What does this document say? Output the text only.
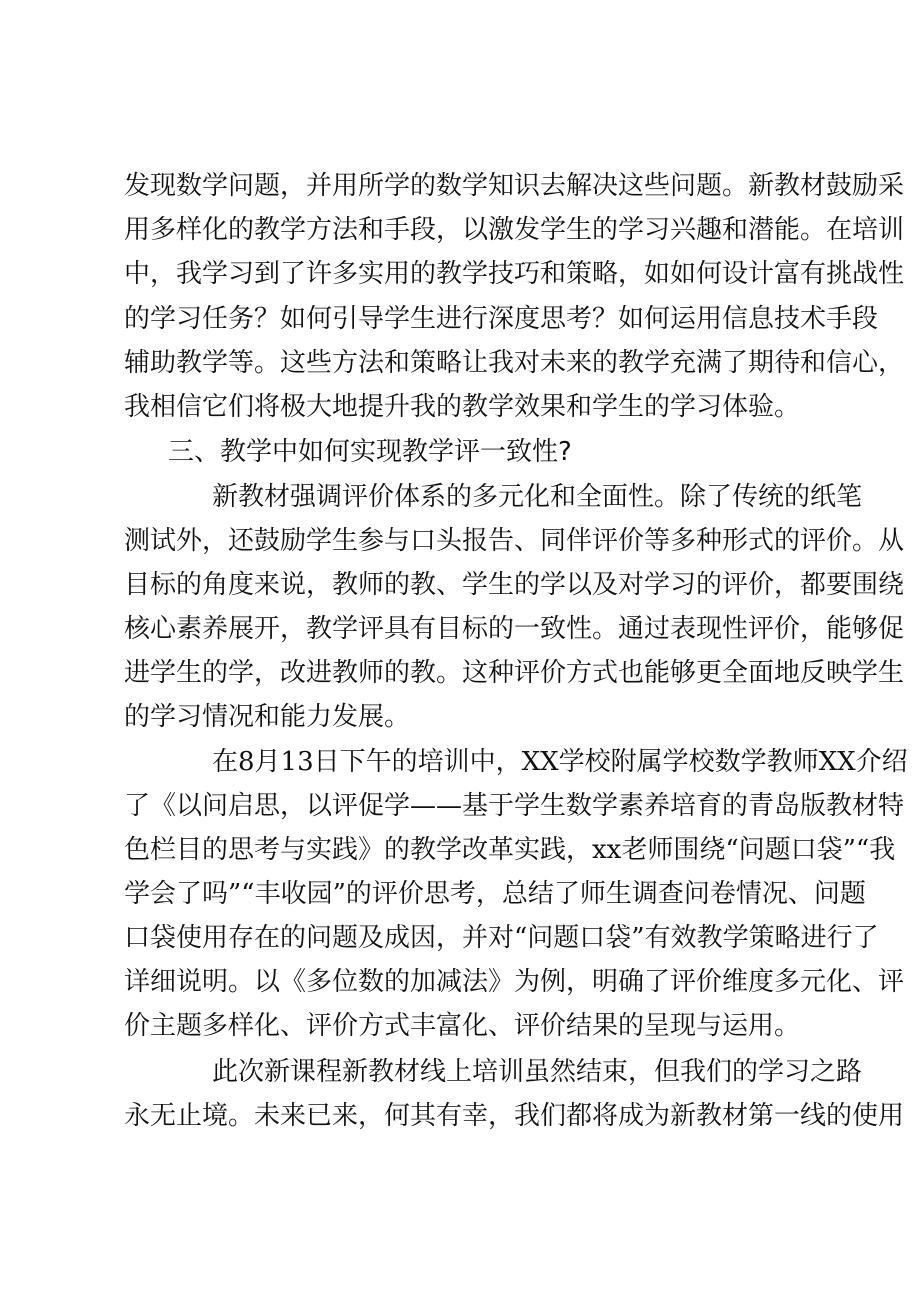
发现数学问题，并用所学的数学知识去解决这些问题。新教材鼓励采
用多样化的教学方法和手段，以激发学生的学习兴趣和潜能。在培训
中，我学习到了许多实用的教学技巧和策略，如如何设计富有挑战性
的学习任务？如何引导学生进行深度思考？如何运用信息技术手段
辅助教学等。这些方法和策略让我对未来的教学充满了期待和信心，
我相信它们将极大地提升我的教学效果和学生的学习体验。
三、教学中如何实现教学评一致性?
新教材强调评价体系的多元化和全面性。除了传统的纸笔
测试外，还鼓励学生参与口头报告、同伴评价等多种形式的评价。从
目标的角度来说，教师的教、学生的学以及对学习的评价，都要围绕
核心素养展开，教学评具有目标的一致性。通过表现性评价，能够促
进学生的学，改进教师的教。这种评价方式也能够更全面地反映学生
的学习情况和能力发展。
在8月13日下午的培训中，XX学校附属学校数学教师XX介绍
了《以问启思，以评促学——基于学生数学素养培育的青岛版教材特
色栏目的思考与实践》的教学改革实践，xx老师围绕“问题口袋”“我
学会了吗”“丰收园”的评价思考，总结了师生调查问卷情况、问题
口袋使用存在的问题及成因，并对“问题口袋”有效教学策略进行了
详细说明。以《多位数的加减法》为例，明确了评价维度多元化、评
价主题多样化、评价方式丰富化、评价结果的呈现与运用。
此次新课程新教材线上培训虽然结束，但我们的学习之路
永无止境。未来已来，何其有幸，我们都将成为新教材第一线的使用
